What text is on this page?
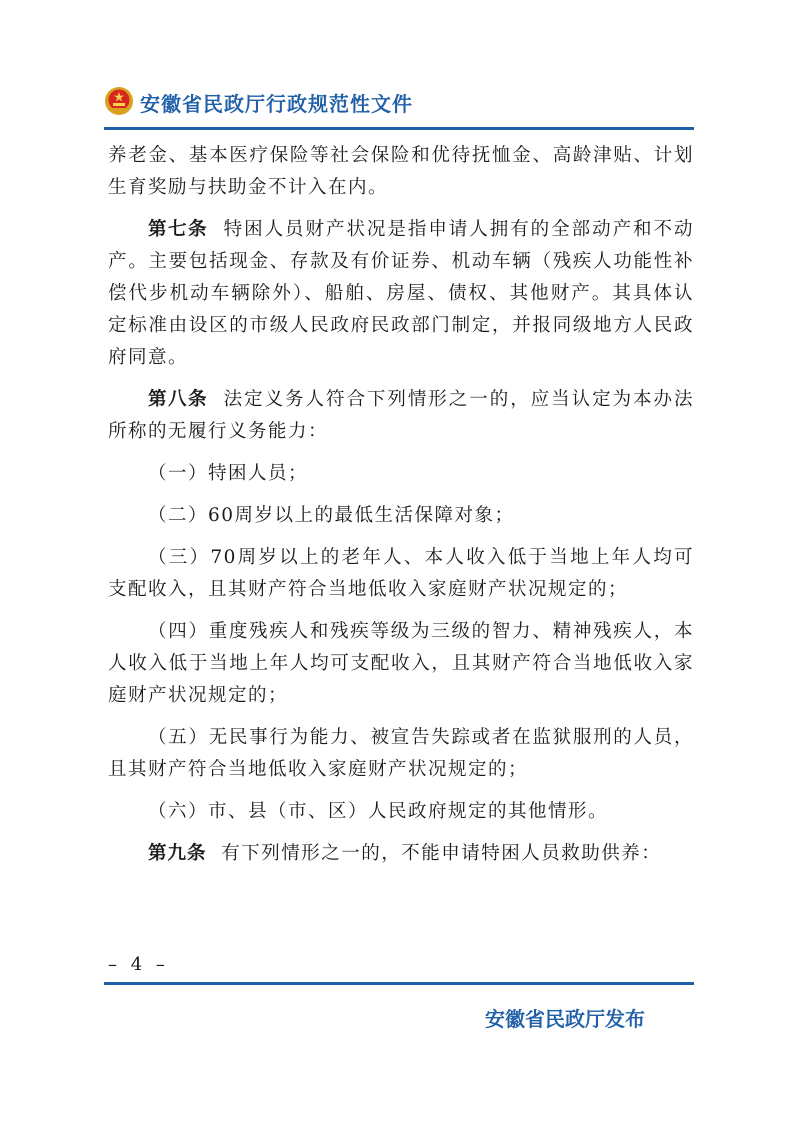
安徽省民政厅行政规范性文件

养老金、基本医疗保险等社会保险和优待抚恤金、高龄津贴、计划生育奖励与扶助金不计入在内。

第七条 特困人员财产状况是指申请人拥有的全部动产和不动产。主要包括现金、存款及有价证券、机动车辆（残疾人功能性补偿代步机动车辆除外）、船舶、房屋、债权、其他财产。其具体认定标准由设区的市级人民政府民政部门制定，并报同级地方人民政府同意。

第八条 法定义务人符合下列情形之一的，应当认定为本办法所称的无履行义务能力：

（一）特困人员；

（二）60周岁以上的最低生活保障对象；

（三）70周岁以上的老年人、本人收入低于当地上年人均可支配收入，且其财产符合当地低收入家庭财产状况规定的；

（四）重度残疾人和残疾等级为三级的智力、精神残疾人，本人收入低于当地上年人均可支配收入，且其财产符合当地低收入家庭财产状况规定的；

（五）无民事行为能力、被宣告失踪或者在监狱服刑的人员，且其财产符合当地低收入家庭财产状况规定的；

（六）市、县（市、区）人民政府规定的其他情形。

第九条 有下列情形之一的，不能申请特困人员救助供养：

– 4 –
安徽省民政厅发布
